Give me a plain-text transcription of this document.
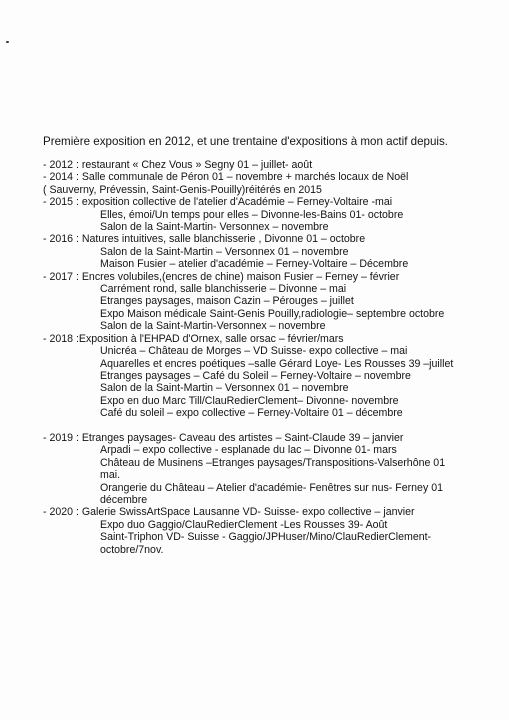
Première exposition en 2012, et une trentaine d'expositions à mon actif depuis.

- 2012 : restaurant « Chez Vous » Segny 01 – juillet- août
- 2014 : Salle communale de Péron 01 – novembre + marchés locaux de Noël
( Sauverny, Prévessin, Saint-Genis-Pouilly)réitérés en 2015
- 2015 : exposition collective de l'atelier d'Académie – Ferney-Voltaire -mai
Elles, émoi/Un temps pour elles – Divonne-les-Bains 01- octobre
Salon de la Saint-Martin- Versonnex – novembre
- 2016 : Natures intuitives, salle blanchisserie , Divonne 01 – octobre
Salon de la Saint-Martin – Versonnex 01 – novembre
Maison Fusier – atelier d'académie – Ferney-Voltaire – Décembre
- 2017 : Encres volubiles,(encres de chine) maison Fusier – Ferney – février
Carrément rond, salle blanchisserie – Divonne – mai
Etranges paysages, maison Cazin – Pérouges – juillet
Expo Maison médicale Saint-Genis Pouilly,radiologie– septembre octobre
Salon de la Saint-Martin-Versonnex – novembre
- 2018 :Exposition à l'EHPAD d'Ornex, salle orsac – février/mars
Unicréa – Château de Morges – VD Suisse- expo collective – mai
Aquarelles et encres poétiques –salle Gérard Loye- Les Rousses 39 –juillet
Etranges paysages – Café du Soleil – Ferney-Voltaire – novembre
Salon de la Saint-Martin – Versonnex 01 – novembre
Expo en duo Marc Till/ClauRedierClement– Divonne- novembre
Café du soleil – expo collective – Ferney-Voltaire 01 – décembre
- 2019 : Etranges paysages- Caveau des artistes – Saint-Claude 39 – janvier
Arpadi – expo collective - esplanade du lac – Divonne 01- mars
Château de Musinens –Etranges paysages/Transpositions-Valserhône 01
mai.
Orangerie du Château – Atelier d'académie- Fenêtres sur nus- Ferney 01
décembre
- 2020 : Galerie SwissArtSpace Lausanne VD- Suisse- expo collective – janvier
Expo duo Gaggio/ClauRedierClement -Les Rousses 39- Août
Saint-Triphon VD- Suisse - Gaggio/JPHuser/Mino/ClauRedierClement-
octobre/7nov.
